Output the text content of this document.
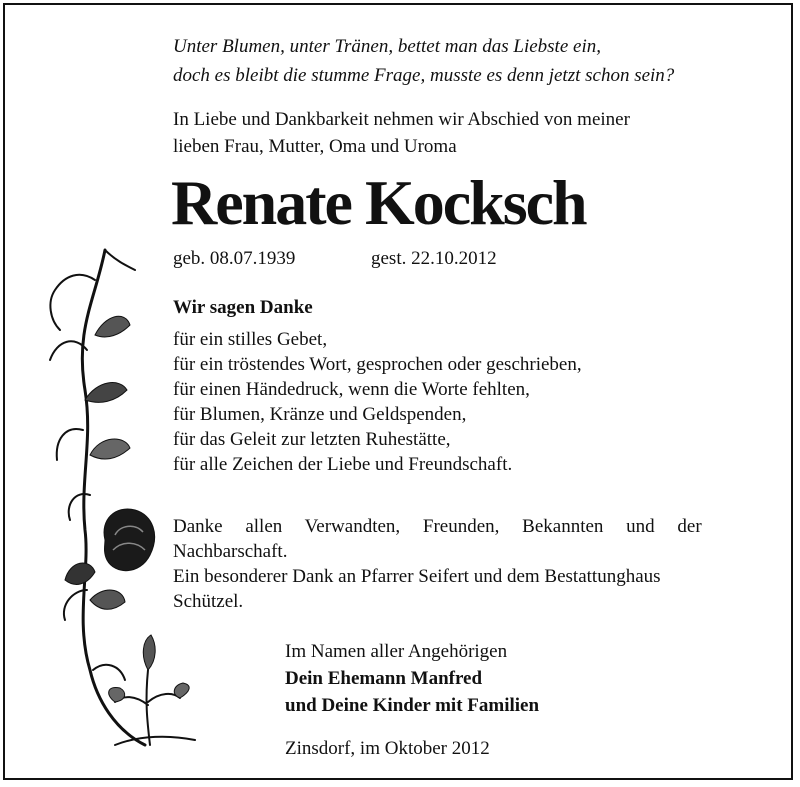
Unter Blumen, unter Tränen, bettet man das Liebste ein,
doch es bleibt die stumme Frage, musste es denn jetzt schon sein?
In Liebe und Dankbarkeit nehmen wir Abschied von meiner
lieben Frau, Mutter, Oma und Uroma
Renate Kocksch
geb. 08.07.1939	gest. 22.10.2012
Wir sagen Danke
für ein stilles Gebet,
für ein tröstendes Wort, gesprochen oder geschrieben,
für einen Händedruck, wenn die Worte fehlten,
für Blumen, Kränze und Geldspenden,
für das Geleit zur letzten Ruhestätte,
für alle Zeichen der Liebe und Freundschaft.
Danke allen Verwandten, Freunden, Bekannten und der
Nachbarschaft.
Ein besonderer Dank an Pfarrer Seifert und dem Bestattunghaus
Schützel.
Im Namen aller Angehörigen
Dein Ehemann Manfred
und Deine Kinder mit Familien
Zinsdorf, im Oktober 2012
